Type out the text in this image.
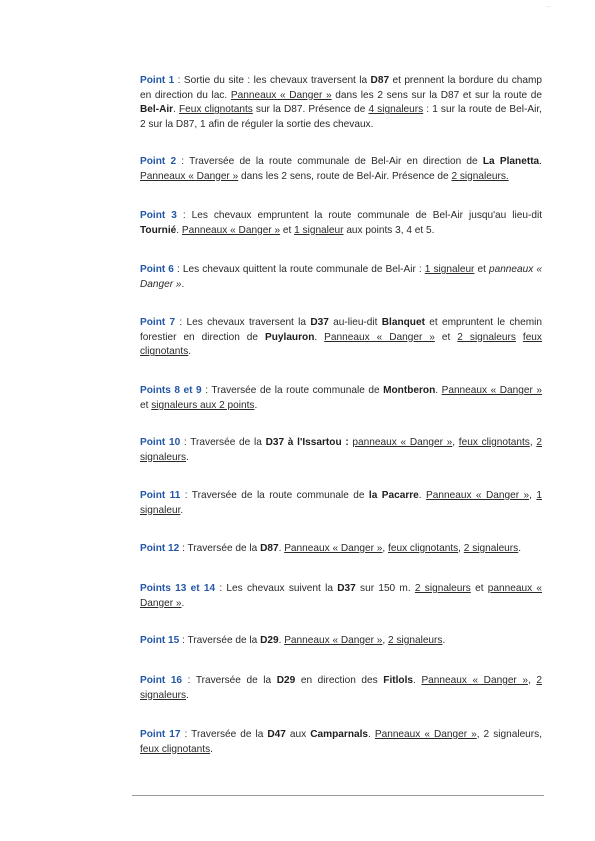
..

Point 1 : Sortie du site : les chevaux traversent la D87 et prennent la bordure du champ en direction du lac. Panneaux « Danger » dans les 2 sens sur la D87 et sur la route de Bel-Air. Feux clignotants sur la D87. Présence de 4 signaleurs : 1 sur la route de Bel-Air, 2 sur la D87, 1 afin de réguler la sortie des chevaux.

Point 2 : Traversée de la route communale de Bel-Air en direction de La Planetta. Panneaux « Danger » dans les 2 sens, route de Bel-Air. Présence de 2 signaleurs.

Point 3 : Les chevaux empruntent la route communale de Bel-Air jusqu'au lieu-dit Tournié. Panneaux « Danger » et 1 signaleur aux points 3, 4 et 5.

Point 6 : Les chevaux quittent la route communale de Bel-Air : 1 signaleur et panneaux « Danger ».

Point 7 : Les chevaux traversent la D37 au-lieu-dit Blanquet et empruntent le chemin forestier en direction de Puylauron. Panneaux « Danger » et 2 signaleurs feux clignotants.

Points 8 et 9 : Traversée de la route communale de Montberon. Panneaux « Danger » et signaleurs aux 2 points.

Point 10 : Traversée de la D37 à l'Issartou : panneaux « Danger », feux clignotants, 2 signaleurs.

Point 11 : Traversée de la route communale de la Pacarre. Panneaux « Danger », 1 signaleur.

Point 12 : Traversée de la D87. Panneaux « Danger », feux clignotants, 2 signaleurs.

Points 13 et 14 : Les chevaux suivent la D37 sur 150 m. 2 signaleurs et panneaux « Danger ».

Point 15 : Traversée de la D29. Panneaux « Danger », 2 signaleurs.

Point 16 : Traversée de la D29 en direction des Fitlols. Panneaux « Danger », 2 signaleurs.

Point 17 : Traversée de la D47 aux Camparnals. Panneaux « Danger », 2 signaleurs, feux clignotants.
